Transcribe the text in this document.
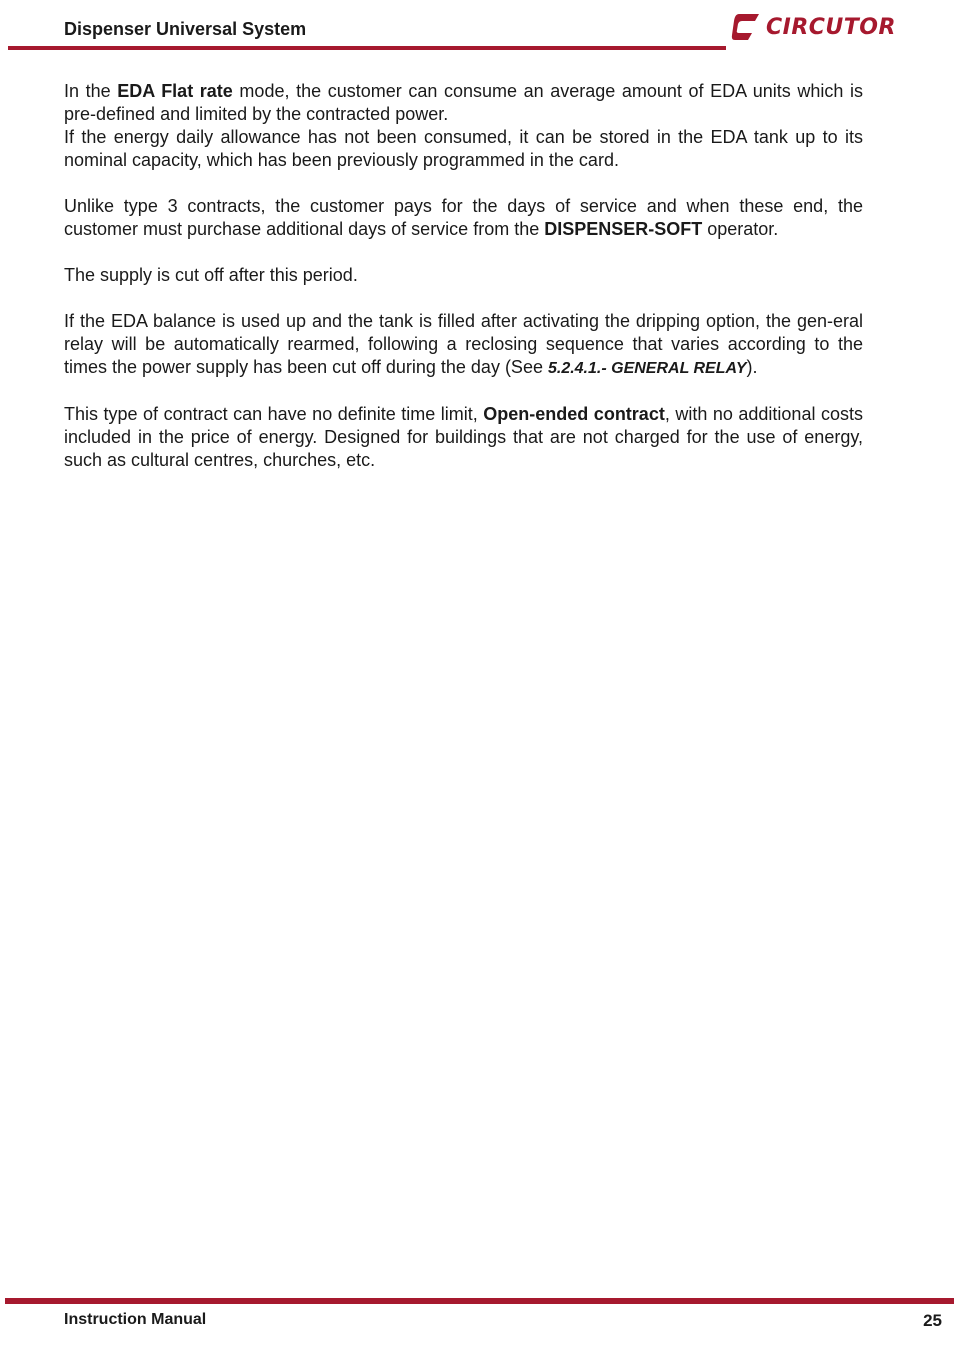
Dispenser Universal System	CIRCUTOR

In the EDA Flat rate mode, the customer can consume an average amount of EDA units which is pre-defined and limited by the contracted power.

If the energy daily allowance has not been consumed, it can be stored in the EDA tank up to its nominal capacity, which has been previously programmed in the card.

Unlike type 3 contracts, the customer pays for the days of service and when these end, the customer must purchase additional days of service from the DISPENSER-SOFT operator.

The supply is cut off after this period.

If the EDA balance is used up and the tank is filled after activating the dripping option, the gen-eral relay will be automatically rearmed, following a reclosing sequence that varies according to the times the power supply has been cut off during the day (See 5.2.4.1.- GENERAL RELAY).

This type of contract can have no definite time limit, Open-ended contract, with no additional costs included in the price of energy. Designed for buildings that are not charged for the use of energy, such as cultural centres, churches, etc.

Instruction Manual	25
